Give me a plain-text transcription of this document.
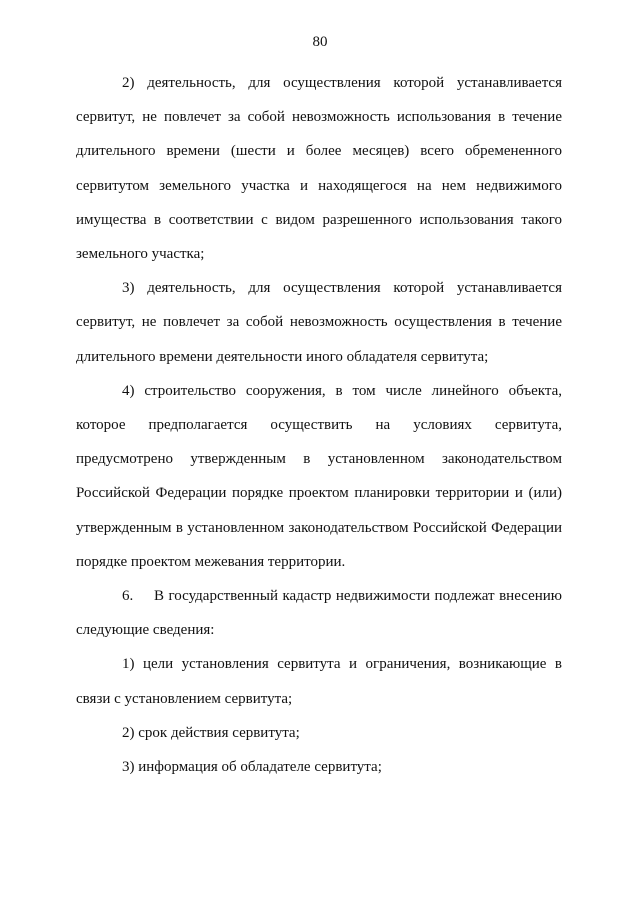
80

2) деятельность, для осуществления которой устанавливается сервитут, не повлечет за собой невозможность использования в течение длительного времени (шести и более месяцев) всего обремененного сервитутом земельного участка и находящегося на нем недвижимого имущества в соответствии с видом разрешенного использования такого земельного участка;

3) деятельность, для осуществления которой устанавливается сервитут, не повлечет за собой невозможность осуществления в течение длительного времени деятельности иного обладателя сервитута;

4) строительство сооружения, в том числе линейного объекта, которое предполагается осуществить на условиях сервитута, предусмотрено утвержденным в установленном законодательством Российской Федерации порядке проектом планировки территории и (или) утвержденным в установленном законодательством Российской Федерации порядке проектом межевания территории.

6.	В государственный кадастр недвижимости подлежат внесению

следующие сведения:

1) цели установления сервитута и ограничения, возникающие в связи с установлением сервитута;

2) срок действия сервитута;

3) информация об обладателе сервитута;
